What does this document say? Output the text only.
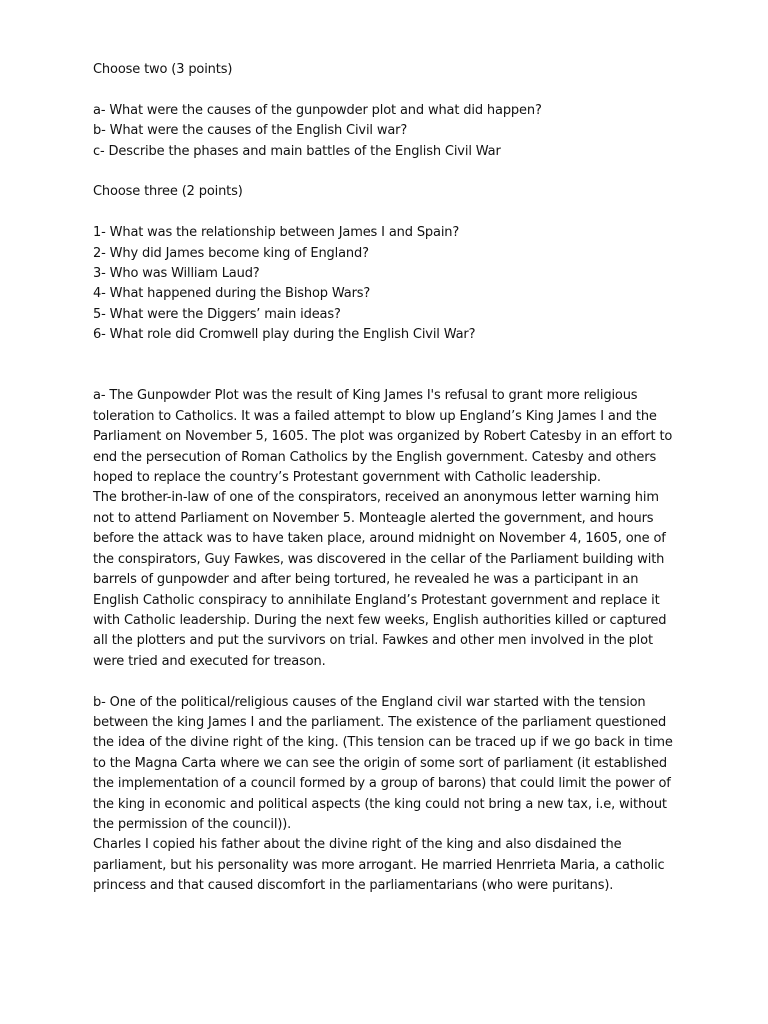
Choose two (3 points)
a- What were the causes of the gunpowder plot and what did happen?
b- What were the causes of the English Civil war?
c- Describe the phases and main battles of the English Civil War
Choose three (2 points)
1- What was the relationship between James I and Spain?
2- Why did James become king of England?
3- Who was William Laud?
4- What happened during the Bishop Wars?
5- What were the Diggers’ main ideas?
6- What role did Cromwell play during the English Civil War?
a- The Gunpowder Plot was the result of King James I's refusal to grant more religious
toleration to Catholics. It was a failed attempt to blow up England’s King James I and the
Parliament on November 5, 1605. The plot was organized by Robert Catesby in an effort to
end the persecution of Roman Catholics by the English government. Catesby and others
hoped to replace the country’s Protestant government with Catholic leadership.
The brother-in-law of one of the conspirators, received an anonymous letter warning him
not to attend Parliament on November 5. Monteagle alerted the government, and hours
before the attack was to have taken place, around midnight on November 4, 1605, one of
the conspirators, Guy Fawkes, was discovered in the cellar of the Parliament building with
barrels of gunpowder and after being tortured, he revealed he was a participant in an
English Catholic conspiracy to annihilate England’s Protestant government and replace it
with Catholic leadership. During the next few weeks, English authorities killed or captured
all the plotters and put the survivors on trial. Fawkes and other men involved in the plot
were tried and executed for treason.
b- One of the political/religious causes of the England civil war started with the tension
between the king James I and the parliament. The existence of the parliament questioned
the idea of the divine right of the king. (This tension can be traced up if we go back in time
to the Magna Carta where we can see the origin of some sort of parliament (it established
the implementation of a council formed by a group of barons) that could limit the power of
the king in economic and political aspects (the king could not bring a new tax, i.e, without
the permission of the council)).
Charles I copied his father about the divine right of the king and also disdained the
parliament, but his personality was more arrogant. He married Henrrieta Maria, a catholic
princess and that caused discomfort in the parliamentarians (who were puritans).
